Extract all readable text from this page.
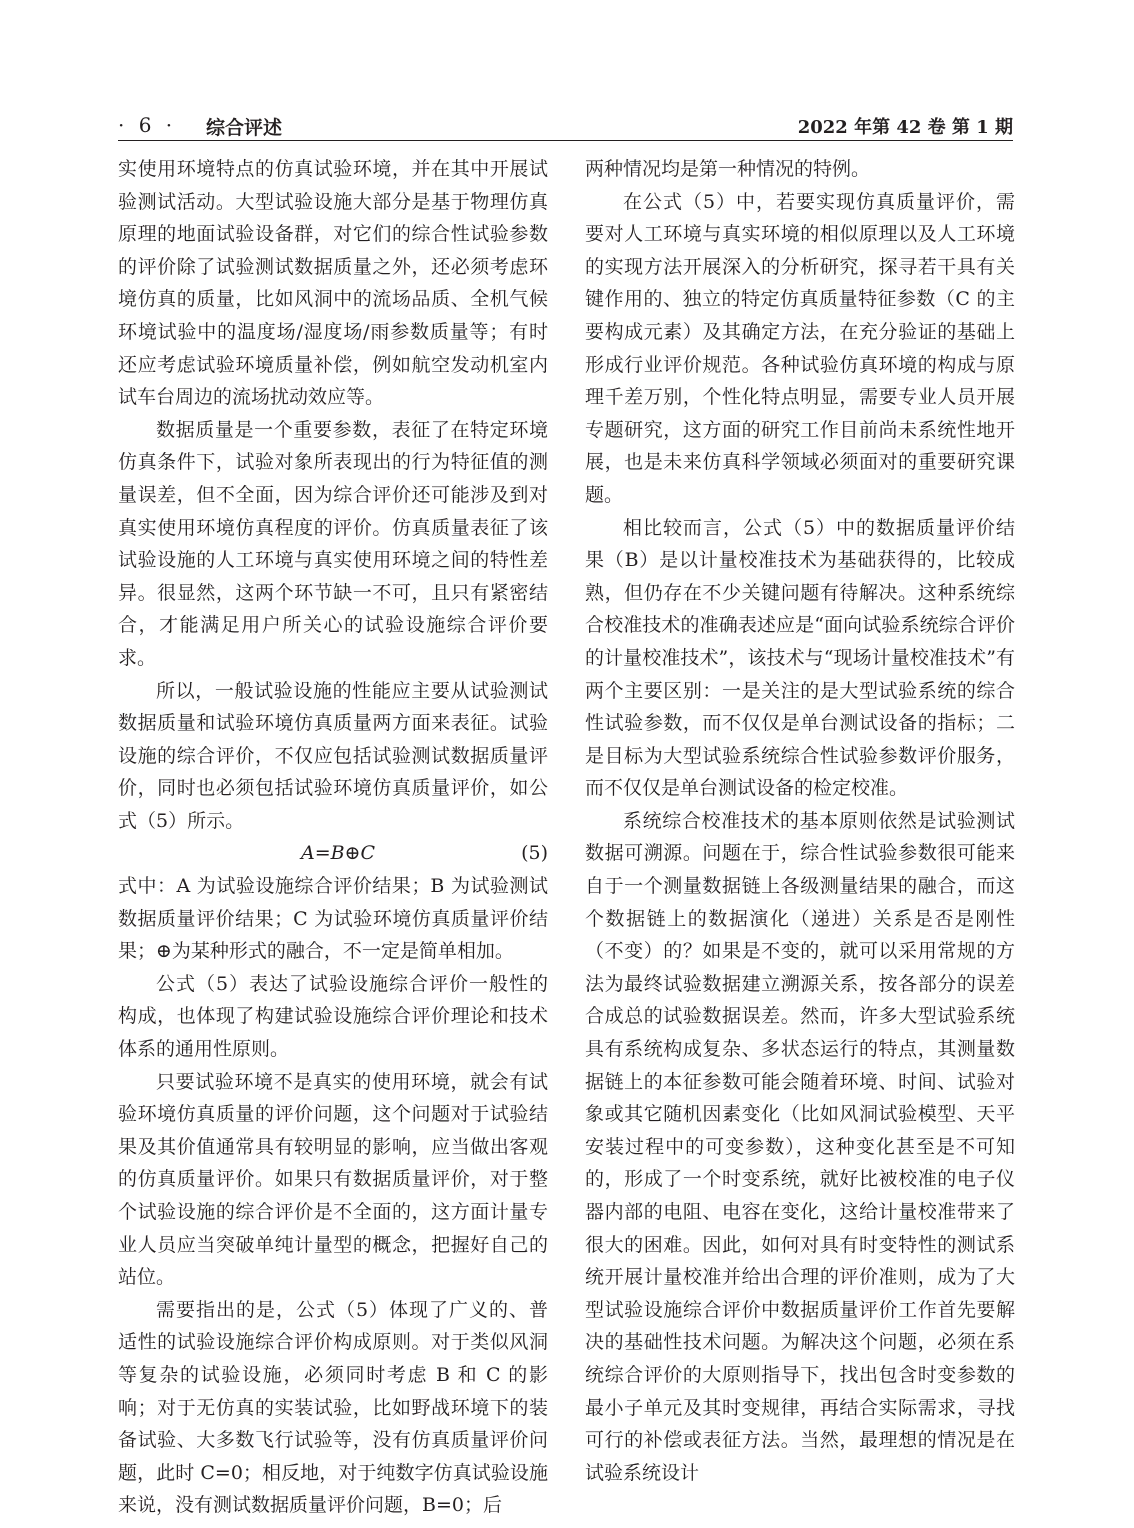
· 6 · 综合评述	2022 年第 42 卷 第 1 期

实使用环境特点的仿真试验环境，并在其中开展试验测试活动。大型试验设施大部分是基于物理仿真原理的地面试验设备群，对它们的综合性试验参数的评价除了试验测试数据质量之外，还必须考虑环境仿真的质量，比如风洞中的流场品质、全机气候环境试验中的温度场/湿度场/雨参数质量等；有时还应考虑试验环境质量补偿，例如航空发动机室内试车台周边的流场扰动效应等。

数据质量是一个重要参数，表征了在特定环境仿真条件下，试验对象所表现出的行为特征值的测量误差，但不全面，因为综合评价还可能涉及到对真实使用环境仿真程度的评价。仿真质量表征了该试验设施的人工环境与真实使用环境之间的特性差异。很显然，这两个环节缺一不可，且只有紧密结合，才能满足用户所关心的试验设施综合评价要求。

所以，一般试验设施的性能应主要从试验测试数据质量和试验环境仿真质量两方面来表征。试验设施的综合评价，不仅应包括试验测试数据质量评价，同时也必须包括试验环境仿真质量评价，如公式（5）所示。

A=B⊕C	(5)

式中：A 为试验设施综合评价结果；B 为试验测试数据质量评价结果；C 为试验环境仿真质量评价结果；⊕为某种形式的融合，不一定是简单相加。

公式（5）表达了试验设施综合评价一般性的构成，也体现了构建试验设施综合评价理论和技术体系的通用性原则。

只要试验环境不是真实的使用环境，就会有试验环境仿真质量的评价问题，这个问题对于试验结果及其价值通常具有较明显的影响，应当做出客观的仿真质量评价。如果只有数据质量评价，对于整个试验设施的综合评价是不全面的，这方面计量专业人员应当突破单纯计量型的概念，把握好自己的站位。

需要指出的是，公式（5）体现了广义的、普适性的试验设施综合评价构成原则。对于类似风洞等复杂的试验设施，必须同时考虑 B 和 C 的影响；对于无仿真的实装试验，比如野战环境下的装备试验、大多数飞行试验等，没有仿真质量评价问题，此时 C=0；相反地，对于纯数字仿真试验设施来说，没有测试数据质量评价问题，B=0；后

两种情况均是第一种情况的特例。

在公式（5）中，若要实现仿真质量评价，需要对人工环境与真实环境的相似原理以及人工环境的实现方法开展深入的分析研究，探寻若干具有关键作用的、独立的特定仿真质量特征参数（C 的主要构成元素）及其确定方法，在充分验证的基础上形成行业评价规范。各种试验仿真环境的构成与原理千差万别，个性化特点明显，需要专业人员开展专题研究，这方面的研究工作目前尚未系统性地开展，也是未来仿真科学领域必须面对的重要研究课题。

相比较而言，公式（5）中的数据质量评价结果（B）是以计量校准技术为基础获得的，比较成熟，但仍存在不少关键问题有待解决。这种系统综合校准技术的准确表述应是“面向试验系统综合评价的计量校准技术”，该技术与“现场计量校准技术”有两个主要区别：一是关注的是大型试验系统的综合性试验参数，而不仅仅是单台测试设备的指标；二是目标为大型试验系统综合性试验参数评价服务，而不仅仅是单台测试设备的检定校准。

系统综合校准技术的基本原则依然是试验测试数据可溯源。问题在于，综合性试验参数很可能来自于一个测量数据链上各级测量结果的融合，而这个数据链上的数据演化（递进）关系是否是刚性（不变）的？如果是不变的，就可以采用常规的方法为最终试验数据建立溯源关系，按各部分的误差合成总的试验数据误差。然而，许多大型试验系统具有系统构成复杂、多状态运行的特点，其测量数据链上的本征参数可能会随着环境、时间、试验对象或其它随机因素变化（比如风洞试验模型、天平安装过程中的可变参数），这种变化甚至是不可知的，形成了一个时变系统，就好比被校准的电子仪器内部的电阻、电容在变化，这给计量校准带来了很大的困难。因此，如何对具有时变特性的测试系统开展计量校准并给出合理的评价准则，成为了大型试验设施综合评价中数据质量评价工作首先要解决的基础性技术问题。为解决这个问题，必须在系统综合评价的大原则指导下，找出包含时变参数的最小子单元及其时变规律，再结合实际需求，寻找可行的补偿或表征方法。当然，最理想的情况是在试验系统设计
